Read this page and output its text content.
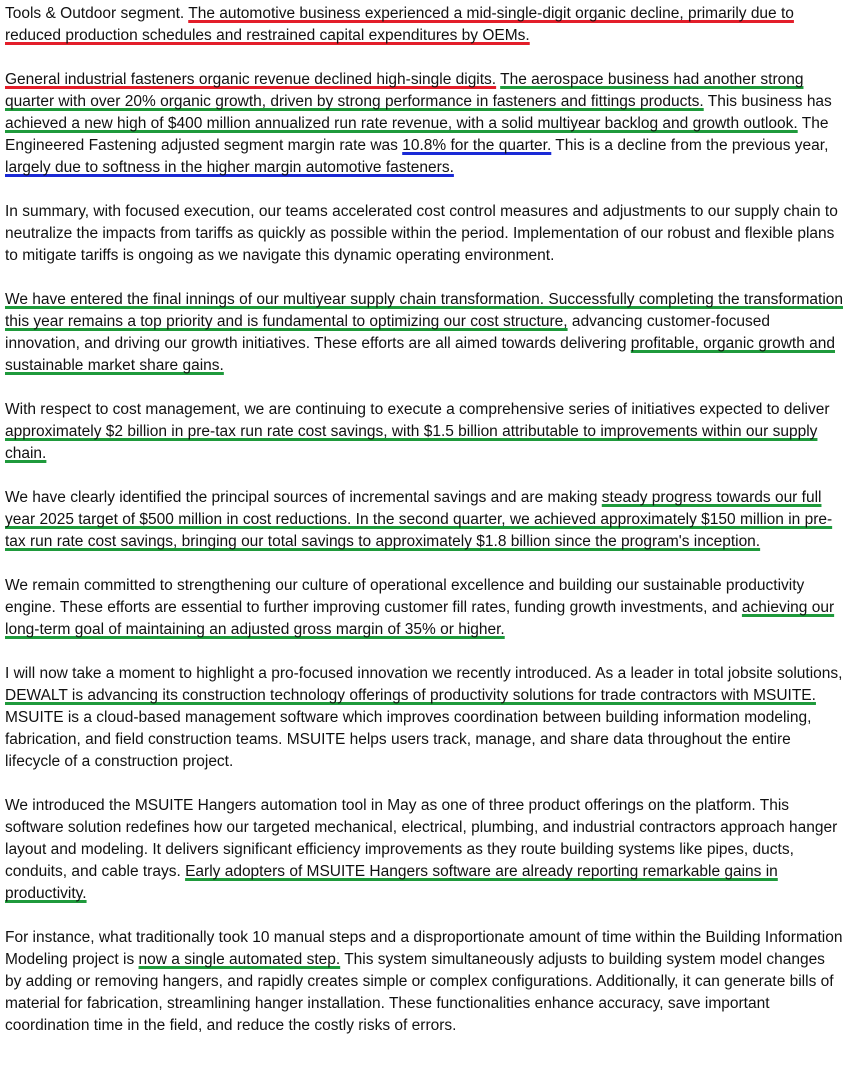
Tools & Outdoor segment. The automotive business experienced a mid-single-digit organic decline, primarily due to reduced production schedules and restrained capital expenditures by OEMs.

General industrial fasteners organic revenue declined high-single digits. The aerospace business had another strong quarter with over 20% organic growth, driven by strong performance in fasteners and fittings products. This business has achieved a new high of $400 million annualized run rate revenue, with a solid multiyear backlog and growth outlook. The Engineered Fastening adjusted segment margin rate was 10.8% for the quarter. This is a decline from the previous year, largely due to softness in the higher margin automotive fasteners.

In summary, with focused execution, our teams accelerated cost control measures and adjustments to our supply chain to neutralize the impacts from tariffs as quickly as possible within the period. Implementation of our robust and flexible plans to mitigate tariffs is ongoing as we navigate this dynamic operating environment.

We have entered the final innings of our multiyear supply chain transformation. Successfully completing the transformation this year remains a top priority and is fundamental to optimizing our cost structure, advancing customer-focused innovation, and driving our growth initiatives. These efforts are all aimed towards delivering profitable, organic growth and sustainable market share gains.

With respect to cost management, we are continuing to execute a comprehensive series of initiatives expected to deliver approximately $2 billion in pre-tax run rate cost savings, with $1.5 billion attributable to improvements within our supply chain.

We have clearly identified the principal sources of incremental savings and are making steady progress towards our full year 2025 target of $500 million in cost reductions. In the second quarter, we achieved approximately $150 million in pre-tax run rate cost savings, bringing our total savings to approximately $1.8 billion since the program's inception.

We remain committed to strengthening our culture of operational excellence and building our sustainable productivity engine. These efforts are essential to further improving customer fill rates, funding growth investments, and achieving our long-term goal of maintaining an adjusted gross margin of 35% or higher.

I will now take a moment to highlight a pro-focused innovation we recently introduced. As a leader in total jobsite solutions, DEWALT is advancing its construction technology offerings of productivity solutions for trade contractors with MSUITE. MSUITE is a cloud-based management software which improves coordination between building information modeling, fabrication, and field construction teams. MSUITE helps users track, manage, and share data throughout the entire lifecycle of a construction project.

We introduced the MSUITE Hangers automation tool in May as one of three product offerings on the platform. This software solution redefines how our targeted mechanical, electrical, plumbing, and industrial contractors approach hanger layout and modeling. It delivers significant efficiency improvements as they route building systems like pipes, ducts, conduits, and cable trays. Early adopters of MSUITE Hangers software are already reporting remarkable gains in productivity.

For instance, what traditionally took 10 manual steps and a disproportionate amount of time within the Building Information Modeling project is now a single automated step. This system simultaneously adjusts to building system model changes by adding or removing hangers, and rapidly creates simple or complex configurations. Additionally, it can generate bills of material for fabrication, streamlining hanger installation. These functionalities enhance accuracy, save important coordination time in the field, and reduce the costly risks of errors.
